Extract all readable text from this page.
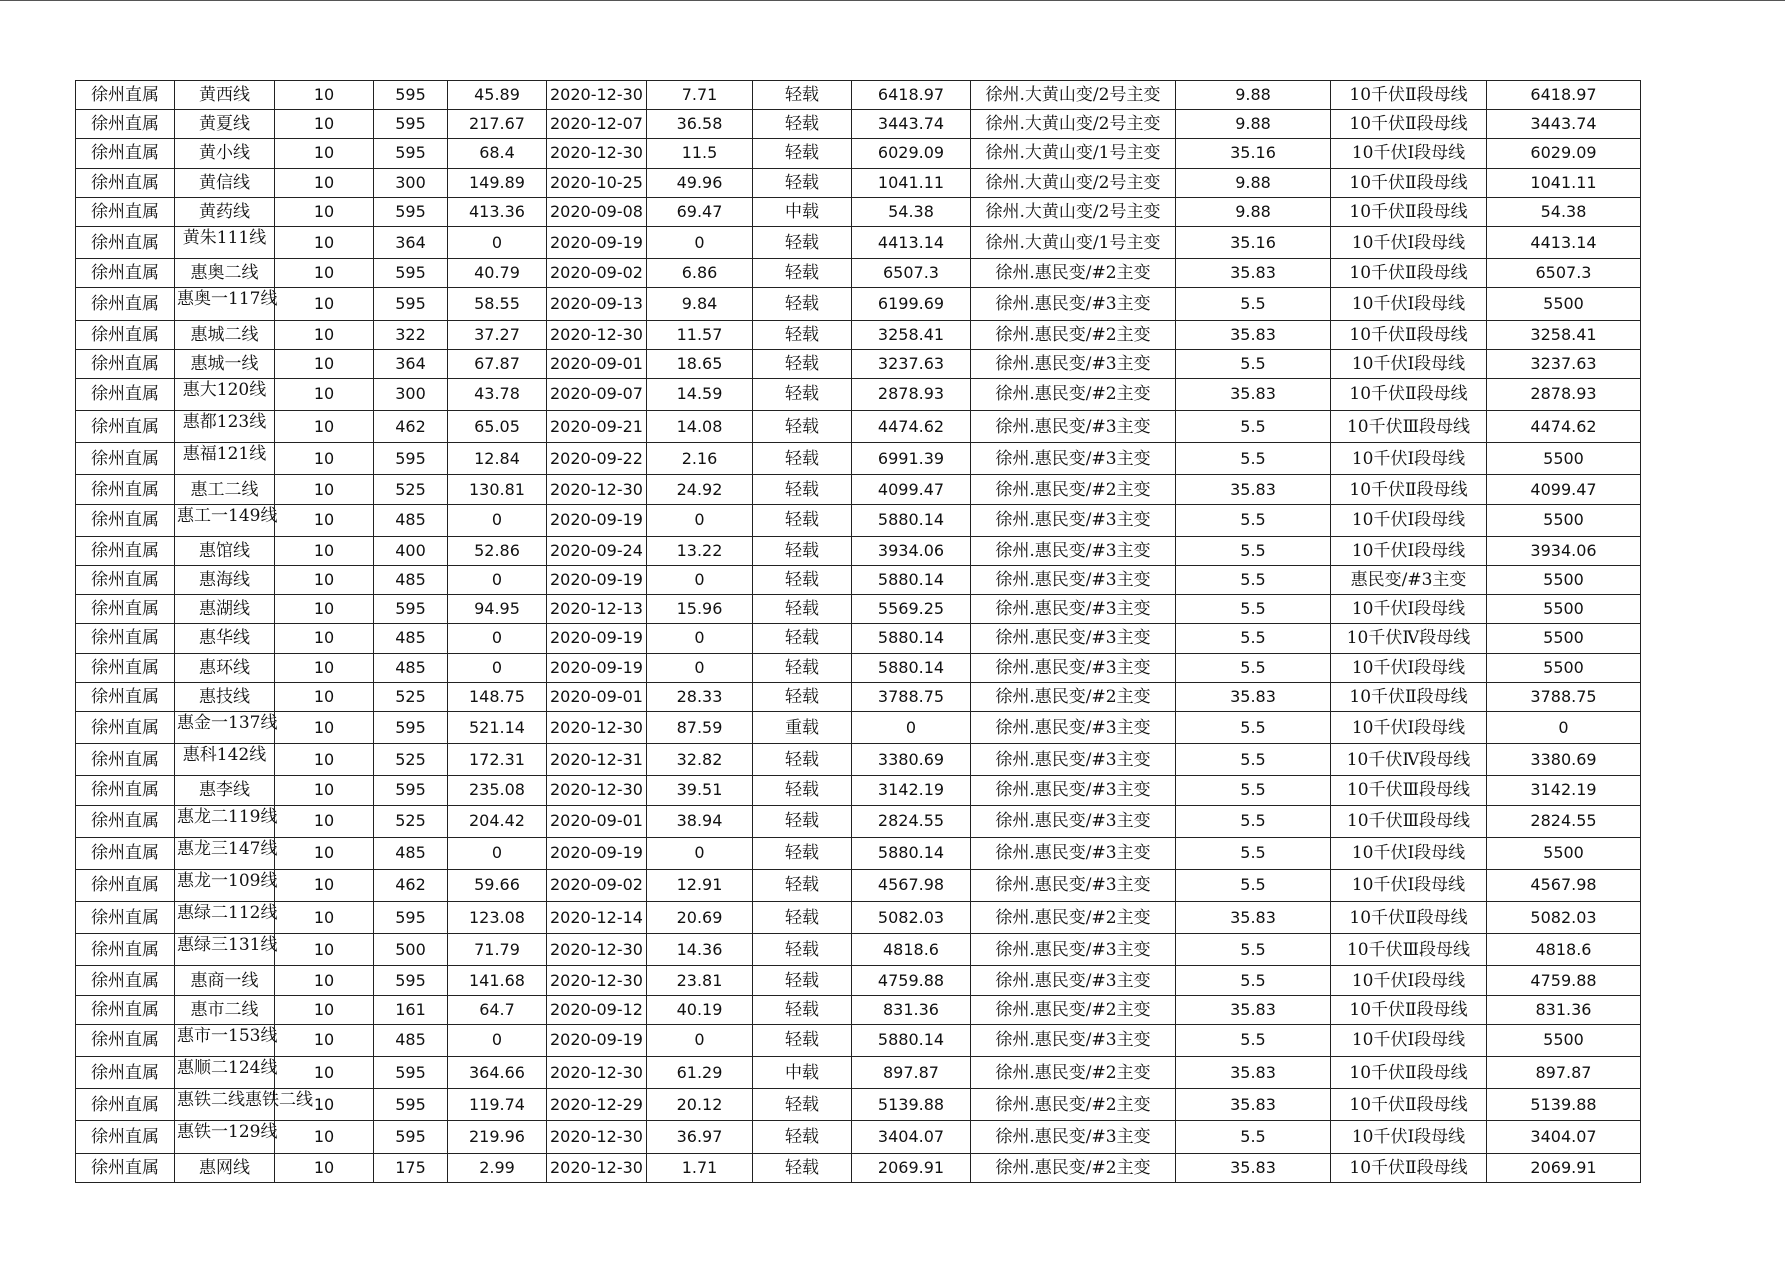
徐州直属	黄西线	10	595	45.89	2020-12-30	7.71	轻载	6418.97	徐州.大黄山变/2号主变	9.88	10千伏Ⅱ段母线	6418.97
徐州直属	黄夏线	10	595	217.67	2020-12-07	36.58	轻载	3443.74	徐州.大黄山变/2号主变	9.88	10千伏Ⅱ段母线	3443.74
徐州直属	黄小线	10	595	68.4	2020-12-30	11.5	轻载	6029.09	徐州.大黄山变/1号主变	35.16	10千伏Ⅰ段母线	6029.09
徐州直属	黄信线	10	300	149.89	2020-10-25	49.96	轻载	1041.11	徐州.大黄山变/2号主变	9.88	10千伏Ⅱ段母线	1041.11
徐州直属	黄药线	10	595	413.36	2020-09-08	69.47	中载	54.38	徐州.大黄山变/2号主变	9.88	10千伏Ⅱ段母线	54.38
徐州直属	黄朱111线	10	364	0	2020-09-19	0	轻载	4413.14	徐州.大黄山变/1号主变	35.16	10千伏Ⅰ段母线	4413.14
徐州直属	惠奥二线	10	595	40.79	2020-09-02	6.86	轻载	6507.3	徐州.惠民变/#2主变	35.83	10千伏Ⅱ段母线	6507.3
徐州直属	惠奥一117线	10	595	58.55	2020-09-13	9.84	轻载	6199.69	徐州.惠民变/#3主变	5.5	10千伏Ⅰ段母线	5500
徐州直属	惠城二线	10	322	37.27	2020-12-30	11.57	轻载	3258.41	徐州.惠民变/#2主变	35.83	10千伏Ⅱ段母线	3258.41
徐州直属	惠城一线	10	364	67.87	2020-09-01	18.65	轻载	3237.63	徐州.惠民变/#3主变	5.5	10千伏Ⅰ段母线	3237.63
徐州直属	惠大120线	10	300	43.78	2020-09-07	14.59	轻载	2878.93	徐州.惠民变/#2主变	35.83	10千伏Ⅱ段母线	2878.93
徐州直属	惠都123线	10	462	65.05	2020-09-21	14.08	轻载	4474.62	徐州.惠民变/#3主变	5.5	10千伏Ⅲ段母线	4474.62
徐州直属	惠福121线	10	595	12.84	2020-09-22	2.16	轻载	6991.39	徐州.惠民变/#3主变	5.5	10千伏Ⅰ段母线	5500
徐州直属	惠工二线	10	525	130.81	2020-12-30	24.92	轻载	4099.47	徐州.惠民变/#2主变	35.83	10千伏Ⅱ段母线	4099.47
徐州直属	惠工一149线	10	485	0	2020-09-19	0	轻载	5880.14	徐州.惠民变/#3主变	5.5	10千伏Ⅰ段母线	5500
徐州直属	惠馆线	10	400	52.86	2020-09-24	13.22	轻载	3934.06	徐州.惠民变/#3主变	5.5	10千伏Ⅰ段母线	3934.06
徐州直属	惠海线	10	485	0	2020-09-19	0	轻载	5880.14	徐州.惠民变/#3主变	5.5	惠民变/#3主变	5500
徐州直属	惠湖线	10	595	94.95	2020-12-13	15.96	轻载	5569.25	徐州.惠民变/#3主变	5.5	10千伏Ⅰ段母线	5500
徐州直属	惠华线	10	485	0	2020-09-19	0	轻载	5880.14	徐州.惠民变/#3主变	5.5	10千伏Ⅳ段母线	5500
徐州直属	惠环线	10	485	0	2020-09-19	0	轻载	5880.14	徐州.惠民变/#3主变	5.5	10千伏Ⅰ段母线	5500
徐州直属	惠技线	10	525	148.75	2020-09-01	28.33	轻载	3788.75	徐州.惠民变/#2主变	35.83	10千伏Ⅱ段母线	3788.75
徐州直属	惠金一137线	10	595	521.14	2020-12-30	87.59	重载	0	徐州.惠民变/#3主变	5.5	10千伏Ⅰ段母线	0
徐州直属	惠科142线	10	525	172.31	2020-12-31	32.82	轻载	3380.69	徐州.惠民变/#3主变	5.5	10千伏Ⅳ段母线	3380.69
徐州直属	惠李线	10	595	235.08	2020-12-30	39.51	轻载	3142.19	徐州.惠民变/#3主变	5.5	10千伏Ⅲ段母线	3142.19
徐州直属	惠龙二119线	10	525	204.42	2020-09-01	38.94	轻载	2824.55	徐州.惠民变/#3主变	5.5	10千伏Ⅲ段母线	2824.55
徐州直属	惠龙三147线	10	485	0	2020-09-19	0	轻载	5880.14	徐州.惠民变/#3主变	5.5	10千伏Ⅰ段母线	5500
徐州直属	惠龙一109线	10	462	59.66	2020-09-02	12.91	轻载	4567.98	徐州.惠民变/#3主变	5.5	10千伏Ⅰ段母线	4567.98
徐州直属	惠绿二112线	10	595	123.08	2020-12-14	20.69	轻载	5082.03	徐州.惠民变/#2主变	35.83	10千伏Ⅱ段母线	5082.03
徐州直属	惠绿三131线	10	500	71.79	2020-12-30	14.36	轻载	4818.6	徐州.惠民变/#3主变	5.5	10千伏Ⅲ段母线	4818.6
徐州直属	惠商一线	10	595	141.68	2020-12-30	23.81	轻载	4759.88	徐州.惠民变/#3主变	5.5	10千伏Ⅰ段母线	4759.88
徐州直属	惠市二线	10	161	64.7	2020-09-12	40.19	轻载	831.36	徐州.惠民变/#2主变	35.83	10千伏Ⅱ段母线	831.36
徐州直属	惠市一153线	10	485	0	2020-09-19	0	轻载	5880.14	徐州.惠民变/#3主变	5.5	10千伏Ⅰ段母线	5500
徐州直属	惠顺二124线	10	595	364.66	2020-12-30	61.29	中载	897.87	徐州.惠民变/#2主变	35.83	10千伏Ⅱ段母线	897.87
徐州直属	惠铁二线惠铁二线	10	595	119.74	2020-12-29	20.12	轻载	5139.88	徐州.惠民变/#2主变	35.83	10千伏Ⅱ段母线	5139.88
徐州直属	惠铁一129线	10	595	219.96	2020-12-30	36.97	轻载	3404.07	徐州.惠民变/#3主变	5.5	10千伏Ⅰ段母线	3404.07
徐州直属	惠网线	10	175	2.99	2020-12-30	1.71	轻载	2069.91	徐州.惠民变/#2主变	35.83	10千伏Ⅱ段母线	2069.91
